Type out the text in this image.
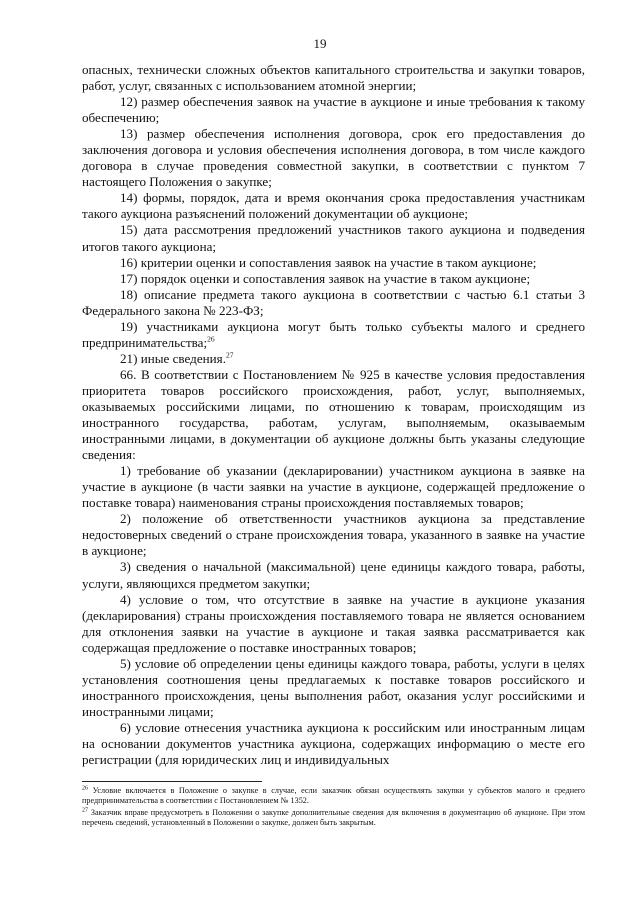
19

опасных, технически сложных объектов капитального строительства и закупки товаров, работ, услуг, связанных с использованием атомной энергии;

12) размер обеспечения заявок на участие в аукционе и иные требования к такому обеспечению;

13) размер обеспечения исполнения договора, срок его предоставления до заключения договора и условия обеспечения исполнения договора, в том числе каждого договора в случае проведения совместной закупки, в соответствии с пунктом 7 настоящего Положения о закупке;

14) формы, порядок, дата и время окончания срока предоставления участникам такого аукциона разъяснений положений документации об аукционе;

15) дата рассмотрения предложений участников такого аукциона и подведения итогов такого аукциона;

16) критерии оценки и сопоставления заявок на участие в таком аукционе;

17) порядок оценки и сопоставления заявок на участие в таком аукционе;

18) описание предмета такого аукциона в соответствии с частью 6.1 статьи 3 Федерального закона № 223-ФЗ;

19) участниками аукциона могут быть только субъекты малого и среднего предпринимательства;$^{26}$

21) иные сведения.$^{27}$

66. В соответствии с Постановлением № 925 в качестве условия предоставления приоритета товаров российского происхождения, работ, услуг, выполняемых, оказываемых российскими лицами, по отношению к товарам, происходящим из иностранного государства, работам, услугам, выполняемым, оказываемым иностранными лицами, в документации об аукционе должны быть указаны следующие сведения:

1) требование об указании (декларировании) участником аукциона в заявке на участие в аукционе (в части заявки на участие в аукционе, содержащей предложение о поставке товара) наименования страны происхождения поставляемых товаров;

2) положение об ответственности участников аукциона за представление недостоверных сведений о стране происхождения товара, указанного в заявке на участие в аукционе;

3) сведения о начальной (максимальной) цене единицы каждого товара, работы, услуги, являющихся предметом закупки;

4) условие о том, что отсутствие в заявке на участие в аукционе указания (декларирования) страны происхождения поставляемого товара не является основанием для отклонения заявки на участие в аукционе и такая заявка рассматривается как содержащая предложение о поставке иностранных товаров;

5) условие об определении цены единицы каждого товара, работы, услуги в целях установления соотношения цены предлагаемых к поставке товаров российского и иностранного происхождения, цены выполнения работ, оказания услуг российскими и иностранными лицами;

6) условие отнесения участника аукциона к российским или иностранным лицам на основании документов участника аукциона, содержащих информацию о месте его регистрации (для юридических лиц и индивидуальных

$^{26}$ Условие включается в Положение о закупке в случае, если заказчик обязан осуществлять закупки у субъектов малого и среднего предпринимательства в соответствии с Постановлением № 1352.

$^{27}$ Заказчик вправе предусмотреть в Положении о закупке дополнительные сведения для включения в документацию об аукционе. При этом перечень сведений, установленный в Положении о закупке, должен быть закрытым.
